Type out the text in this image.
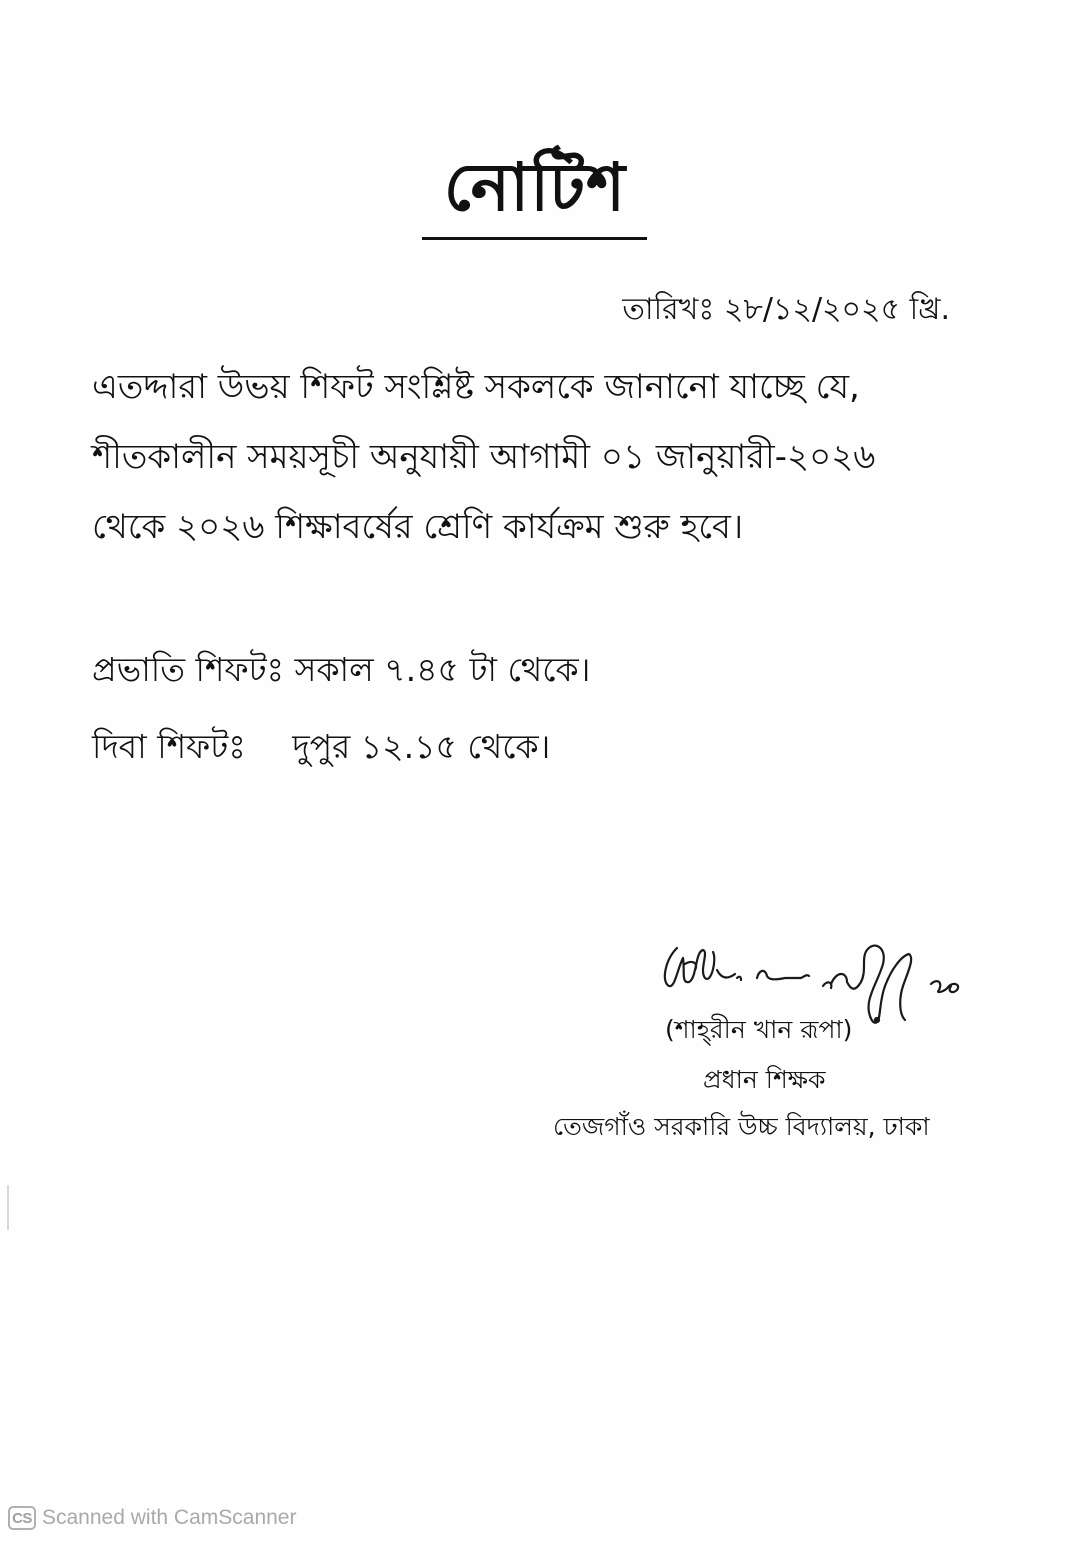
নোটিশ
তারিখঃ ২৮/১২/২০২৫ খ্রি.
এতদ্দারা উভয় শিফট সংশ্লিষ্ট সকলকে জানানো যাচ্ছে যে,
শীতকালীন সময়সূচী অনুযায়ী আগামী ০১ জানুয়ারী-২০২৬
থেকে ২০২৬ শিক্ষাবর্ষের শ্রেণি কার্যক্রম শুরু হবে।
প্রভাতি শিফটঃ সকাল ৭.৪৫ টা থেকে।
দিবা শিফটঃ দুপুর ১২.১৫ থেকে।
(শাহ্‌রীন খান রূপা)
প্রধান শিক্ষক
তেজগাঁও সরকারি উচ্চ বিদ্যালয়, ঢাকা
CS Scanned with CamScanner
